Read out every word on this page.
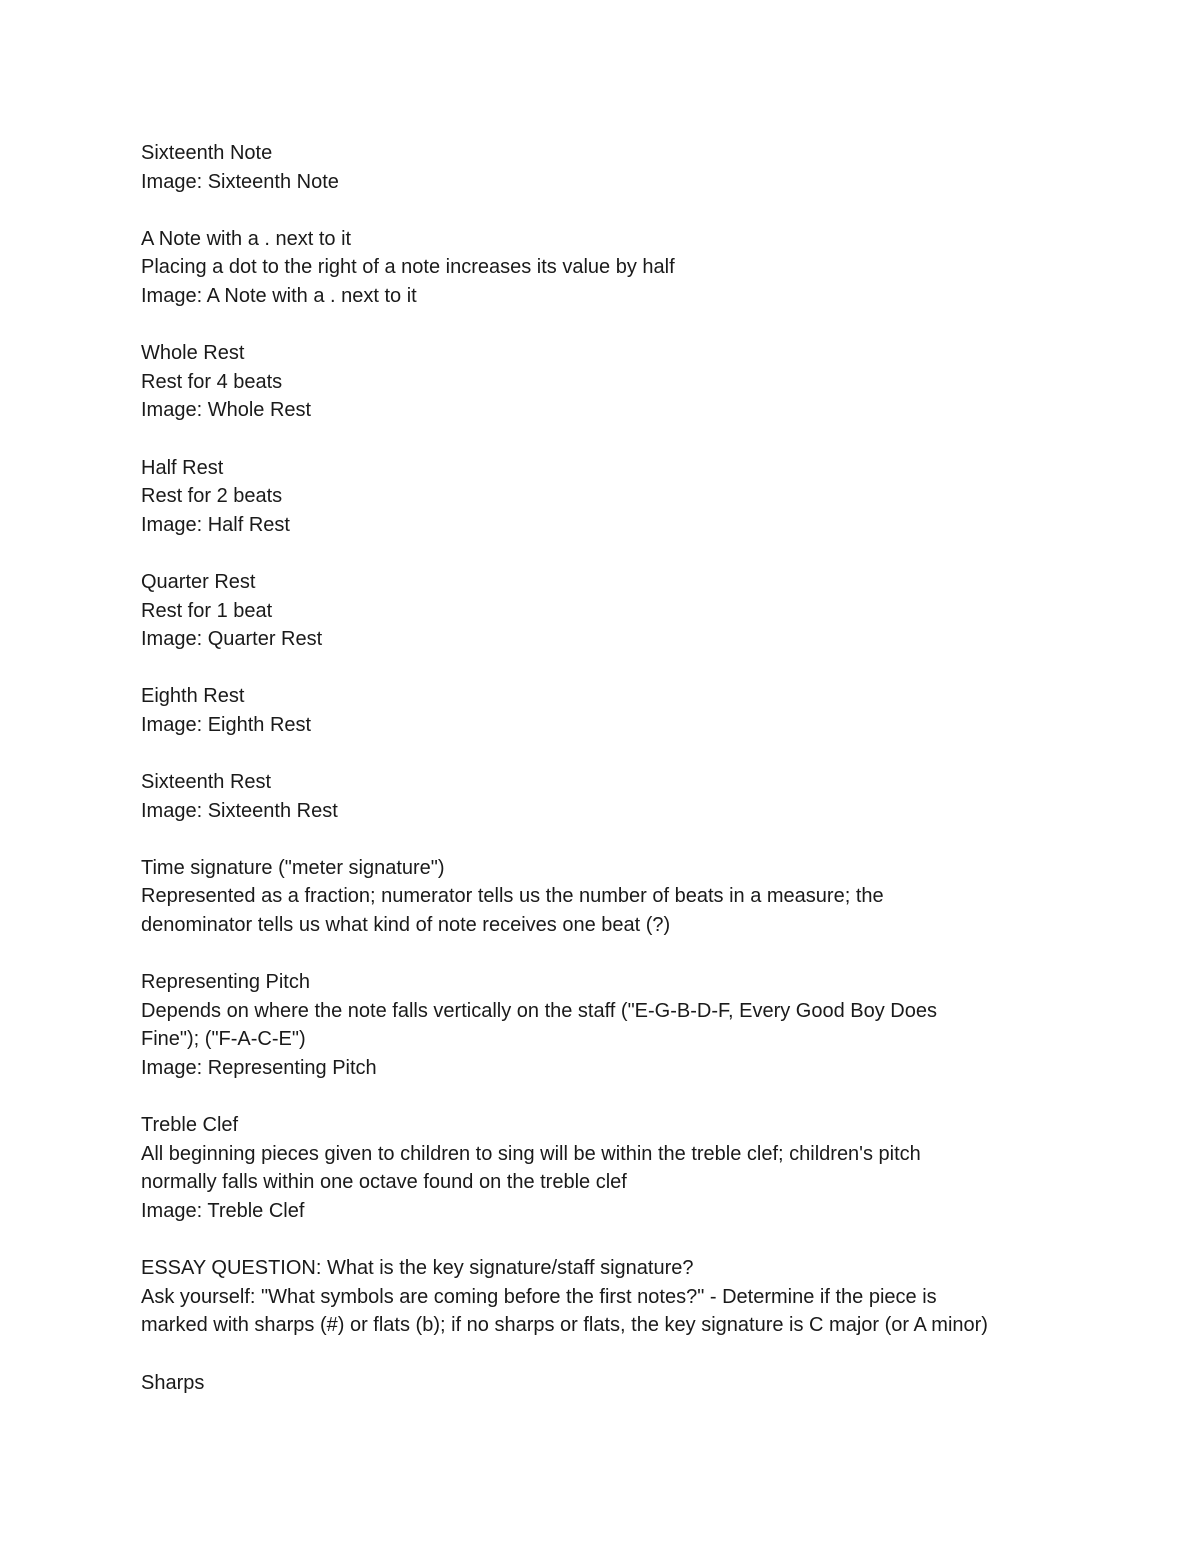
Sixteenth Note
Image: Sixteenth Note
A Note with a . next to it
Placing a dot to the right of a note increases its value by half
Image: A Note with a . next to it
Whole Rest
Rest for 4 beats
Image: Whole Rest
Half Rest
Rest for 2 beats
Image: Half Rest
Quarter Rest
Rest for 1 beat
Image: Quarter Rest
Eighth Rest
Image: Eighth Rest
Sixteenth Rest
Image: Sixteenth Rest
Time signature ("meter signature")
Represented as a fraction; numerator tells us the number of beats in a measure; the
denominator tells us what kind of note receives one beat (?)
Representing Pitch
Depends on where the note falls vertically on the staff ("E-G-B-D-F, Every Good Boy Does
Fine"); ("F-A-C-E")
Image: Representing Pitch
Treble Clef
All beginning pieces given to children to sing will be within the treble clef; children's pitch
normally falls within one octave found on the treble clef
Image: Treble Clef
ESSAY QUESTION: What is the key signature/staff signature?
Ask yourself: "What symbols are coming before the first notes?" - Determine if the piece is
marked with sharps (#) or flats (b); if no sharps or flats, the key signature is C major (or A minor)
Sharps
